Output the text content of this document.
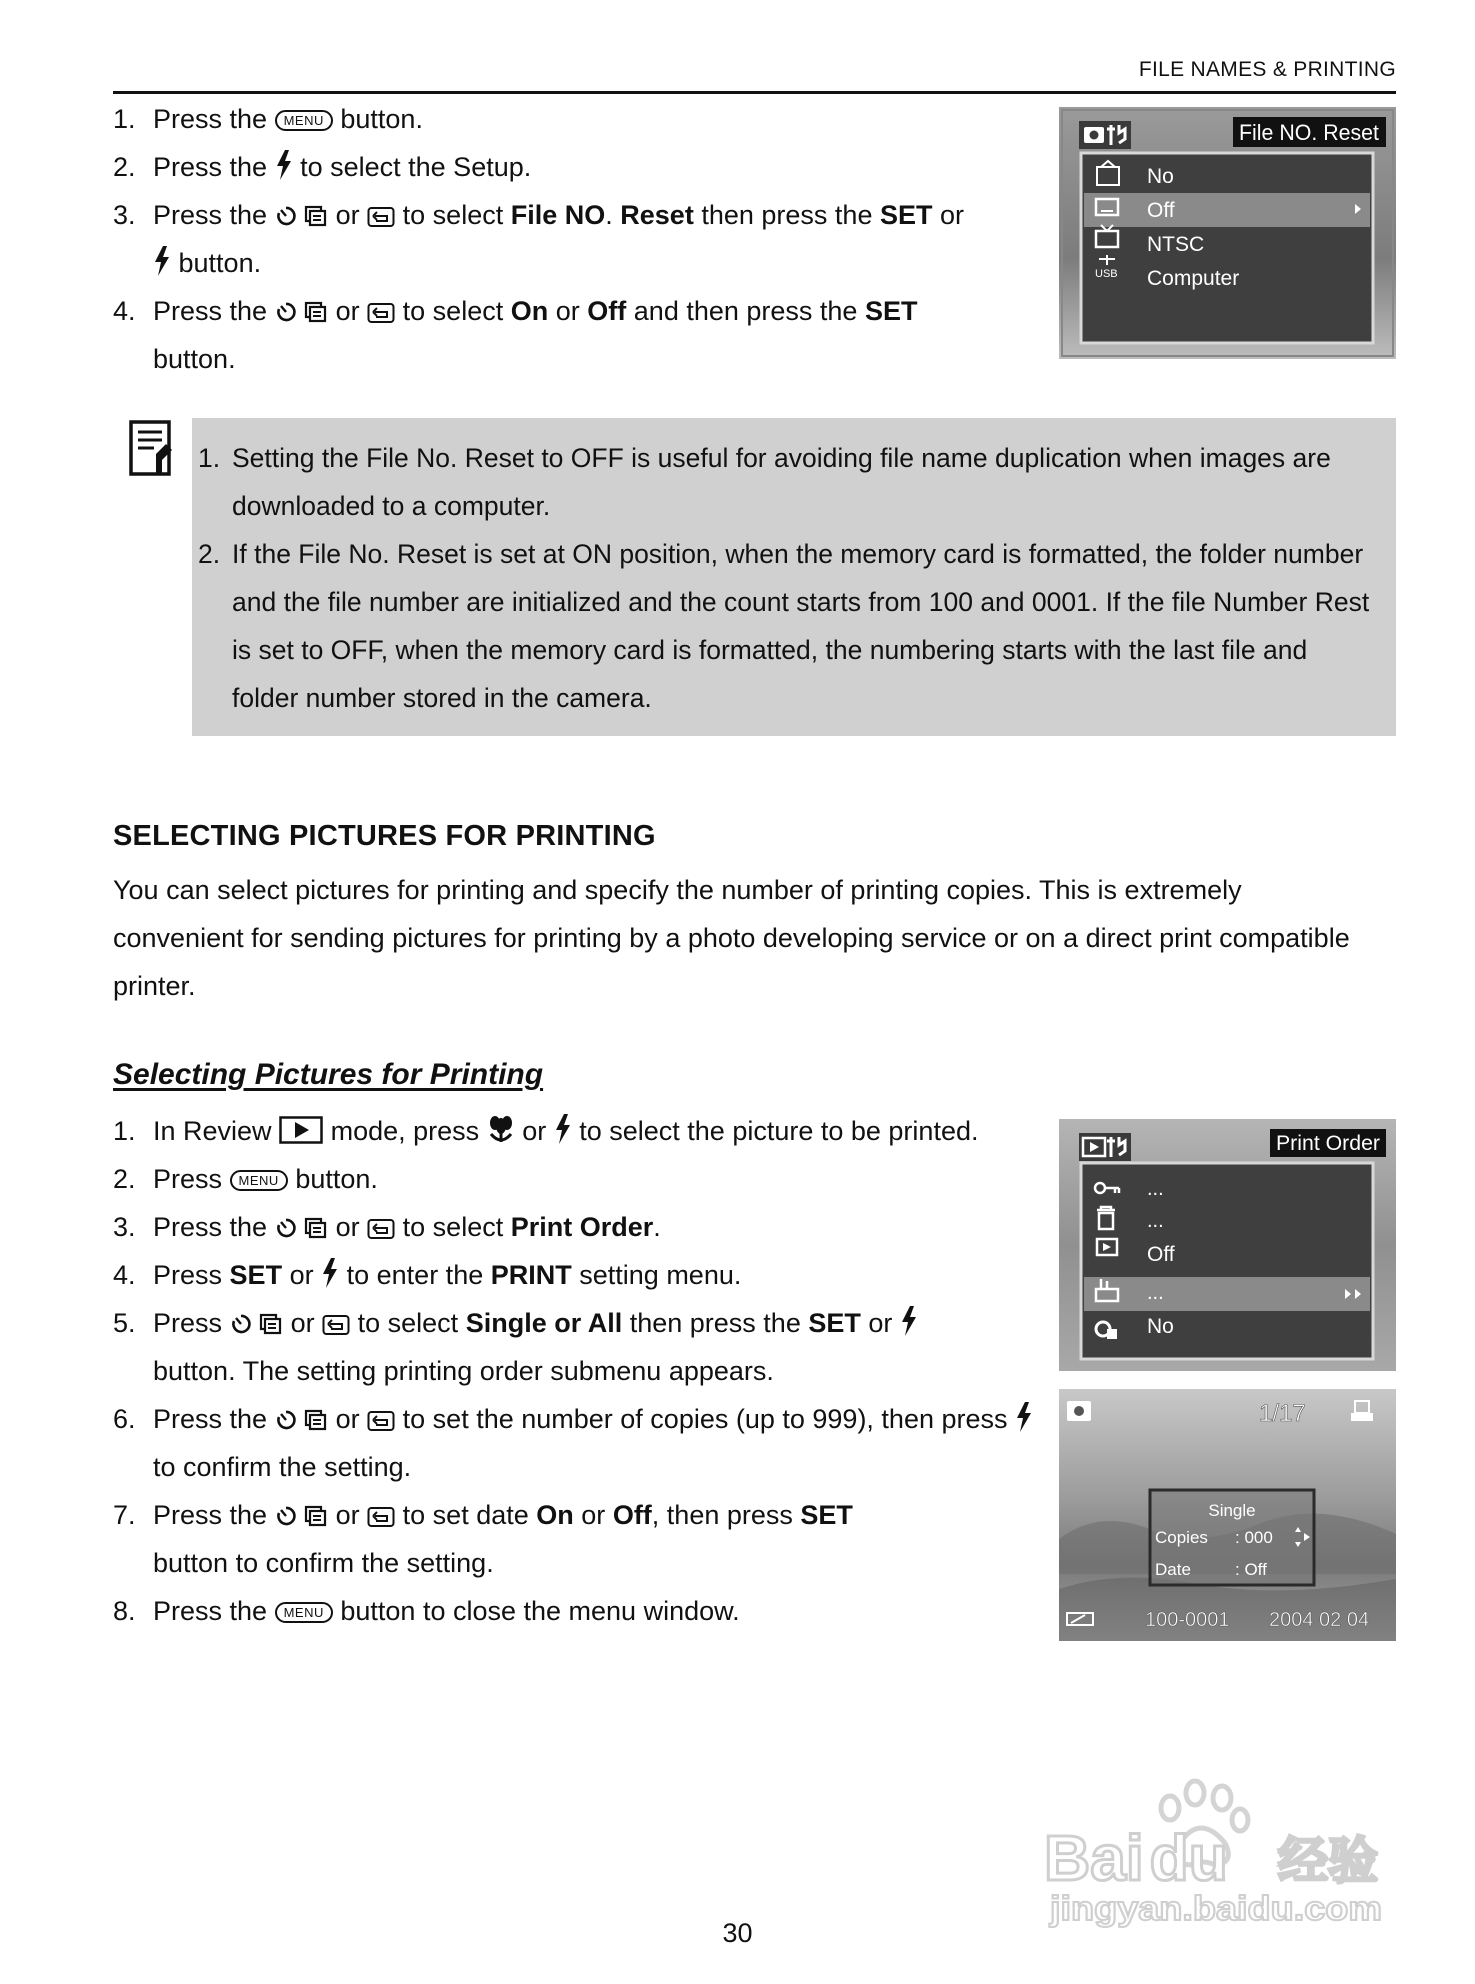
FILE NAMES & PRINTING
1. Press the MENU button.
2. Press the to select the Setup.
3. Press the	or to select File NO. Reset then press the SET or
button.
4. Press the	or to select On or Off and then press the SET
button.
File NO. Reset
USB
No
Off
NTSC
Computer
1. Setting the File No. Reset to OFF is useful for avoiding file name duplication when images are downloaded to a computer.
2. If the File No. Reset is set at ON position, when the memory card is formatted, the folder number and the file number are initialized and the count starts from 100 and 0001. If the file Number Rest is set to OFF, when the memory card is formatted, the numbering starts with the last file and folder number stored in the camera.
SELECTING PICTURES FOR PRINTING
You can select pictures for printing and specify the number of printing copies. This is extremely convenient for sending pictures for printing by a photo developing service or on a direct print compatible printer.
Selecting Pictures for Printing
1. In Review mode, press or to select the picture to be printed.
2. Press MENU button.
3. Press the	or to select Print Order.
4. Press SET or to enter the PRINT setting menu.
5. Press	or to select Single or All then press the SET or
button. The setting printing order submenu appears.
6. Press the	or to set the number of copies (up to 999), then press  to confirm the setting.
7. Press the	or to set date On or Off, then press SET
button to confirm the setting.
8. Press the MENU button to close the menu window.
Print Order
...
...
Off
...
No
1/17
Single
Copies : 000
Date	: Off
100-0001 2004 02 04
Baidu 经验
jingyan.baidu.com
30
